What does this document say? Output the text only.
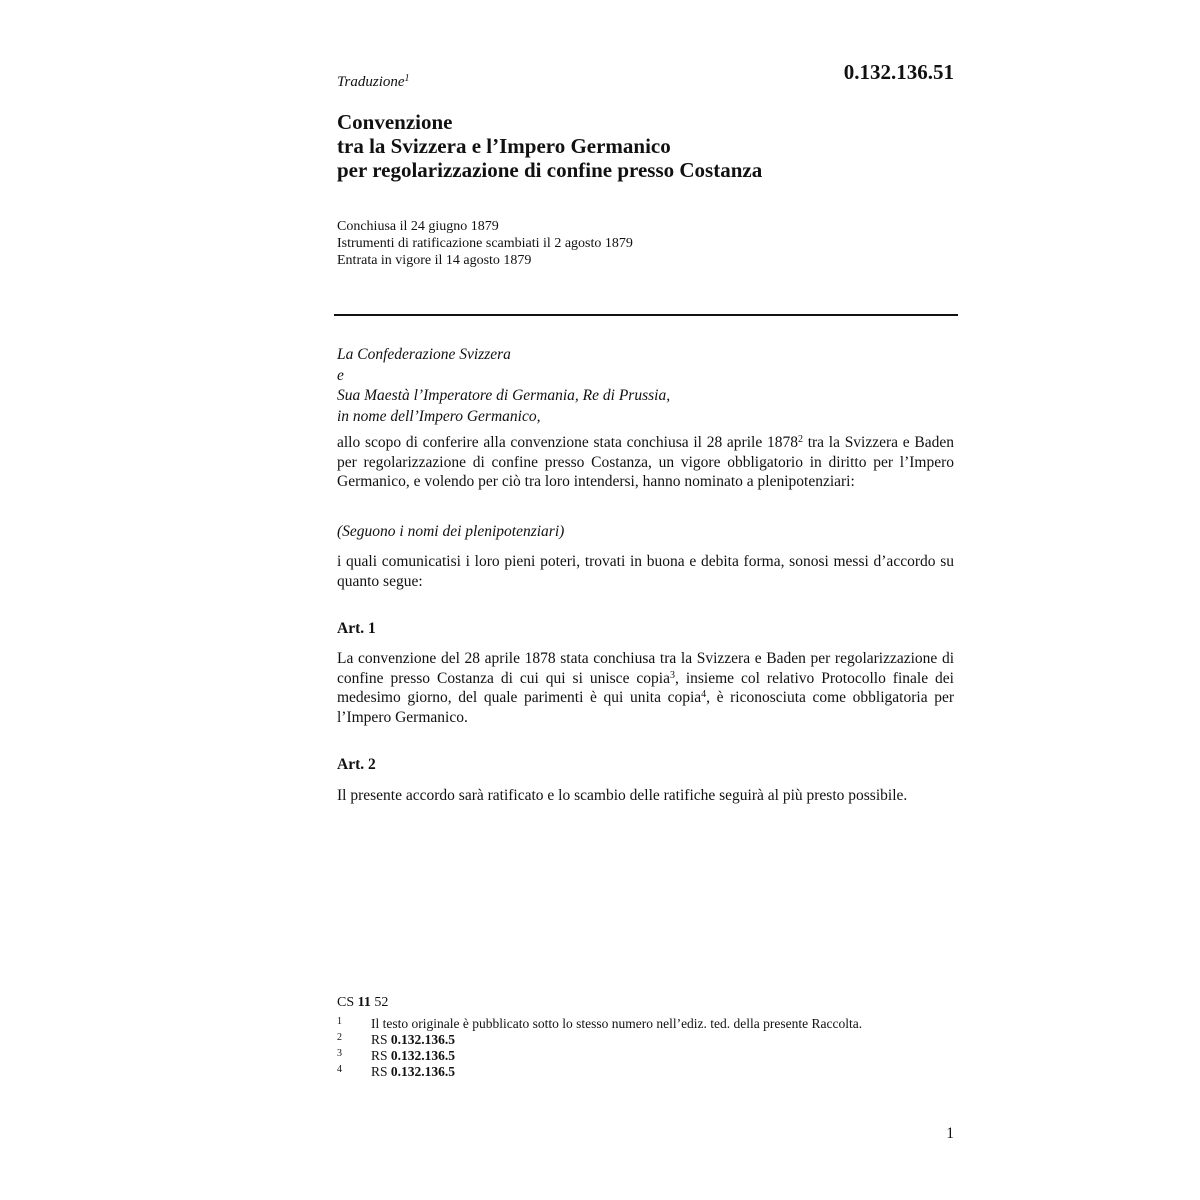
0.132.136.51
Traduzione$^1$
Convenzione
tra la Svizzera e l’Impero Germanico
per regolarizzazione di confine presso Costanza
Conchiusa il 24 giugno 1879
Istrumenti di ratificazione scambiati il 2 agosto 1879
Entrata in vigore il 14 agosto 1879
La Confederazione Svizzera
e
Sua Maestà l’Imperatore di Germania, Re di Prussia,
in nome dell’Impero Germanico,
allo scopo di conferire alla convenzione stata conchiusa il 28 aprile 1878$^2$ tra la Svizzera e Baden per regolarizzazione di confine presso Costanza, un vigore obbligatorio in diritto per l’Impero Germanico, e volendo per ciò tra loro intendersi, hanno nominato a plenipotenziari:
(Seguono i nomi dei plenipotenziari)
i quali comunicatisi i loro pieni poteri, trovati in buona e debita forma, sonosi messi d’accordo su quanto segue:
Art. 1
La convenzione del 28 aprile 1878 stata conchiusa tra la Svizzera e Baden per regolarizzazione di confine presso Costanza di cui qui si unisce copia$^3$, insieme col relativo Protocollo finale dei medesimo giorno, del quale parimenti è qui unita copia$^4$, è riconosciuta come obbligatoria per l’Impero Germanico.
Art. 2
Il presente accordo sarà ratificato e lo scambio delle ratifiche seguirà al più presto possibile.
CS 11 52
1	Il testo originale è pubblicato sotto lo stesso numero nell’ediz. ted. della presente Raccolta.
2	RS 0.132.136.5
3	RS 0.132.136.5
4	RS 0.132.136.5
1
